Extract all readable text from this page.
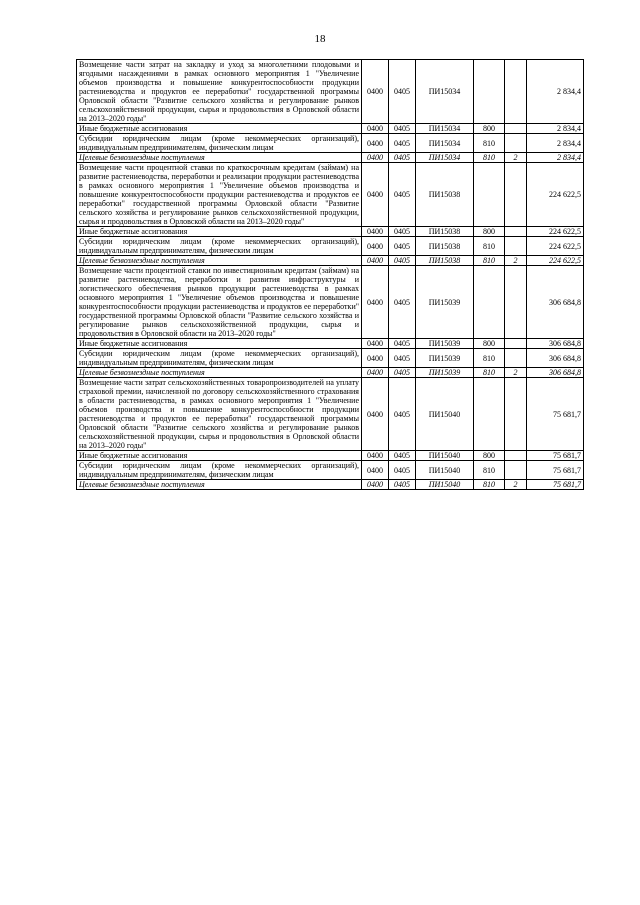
18
Возмещение части затрат на закладку и уход за многолетними плодовыми и ягодными насаждениями в рамках основного мероприятия 1 "Увеличение объемов производства и повышение конкурентоспособности продукции растениеводства и продуктов ее переработки" государственной программы Орловской области "Развитие сельского хозяйства и регулирование рынков сельскохозяйственной продукции, сырья и продовольствия в Орловской области на 2013–2020 годы"	0400	0405	ПИ15034			2 834,4
Иные бюджетные ассигнования	0400	0405	ПИ15034	800		2 834,4
Субсидии юридическим лицам (кроме некоммерческих организаций), индивидуальным предпринимателям, физическим лицам	0400	0405	ПИ15034	810		2 834,4
Целевые безвозмездные поступления	0400	0405	ПИ15034	810	2	2 834,4
Возмещение части процентной ставки по краткосрочным кредитам (займам) на развитие растениеводства, переработки и реализации продукции растениеводства в рамках основного мероприятия 1 "Увеличение объемов производства и повышение конкурентоспособности продукции растениеводства и продуктов ее переработки" государственной программы Орловской области "Развитие сельского хозяйства и регулирование рынков сельскохозяйственной продукции, сырья и продовольствия в Орловской области на 2013–2020 годы"	0400	0405	ПИ15038			224 622,5
Иные бюджетные ассигнования	0400	0405	ПИ15038	800		224 622,5
Субсидии юридическим лицам (кроме некоммерческих организаций), индивидуальным предпринимателям, физическим лицам	0400	0405	ПИ15038	810		224 622,5
Целевые безвозмездные поступления	0400	0405	ПИ15038	810	2	224 622,5
Возмещение части процентной ставки по инвестиционным кредитам (займам) на развитие растениеводства, переработки и развития инфраструктуры и логистического обеспечения рынков продукции растениеводства в рамках основного мероприятия 1 "Увеличение объемов производства и повышение конкурентоспособности продукции растениеводства и продуктов ее переработки" государственной программы Орловской области "Развитие сельского хозяйства и регулирование рынков сельскохозяйственной продукции, сырья и продовольствия в Орловской области на 2013–2020 годы"	0400	0405	ПИ15039			306 684,8
Иные бюджетные ассигнования	0400	0405	ПИ15039	800		306 684,8
Субсидии юридическим лицам (кроме некоммерческих организаций), индивидуальным предпринимателям, физическим лицам	0400	0405	ПИ15039	810		306 684,8
Целевые безвозмездные поступления	0400	0405	ПИ15039	810	2	306 684,8
Возмещение части затрат сельскохозяйственных товаропроизводителей на уплату страховой премии, начисленной по договору сельскохозяйственного страхования в области растениеводства, в рамках основного мероприятия 1 "Увеличение объемов производства и повышение конкурентоспособности продукции растениеводства и продуктов ее переработки" государственной программы Орловской области "Развитие сельского хозяйства и регулирование рынков сельскохозяйственной продукции, сырья и продовольствия в Орловской области на 2013–2020 годы"	0400	0405	ПИ15040			75 681,7
Иные бюджетные ассигнования	0400	0405	ПИ15040	800		75 681,7
Субсидии юридическим лицам (кроме некоммерческих организаций), индивидуальным предпринимателям, физическим лицам	0400	0405	ПИ15040	810		75 681,7
Целевые безвозмездные поступления	0400	0405	ПИ15040	810	2	75 681,7
